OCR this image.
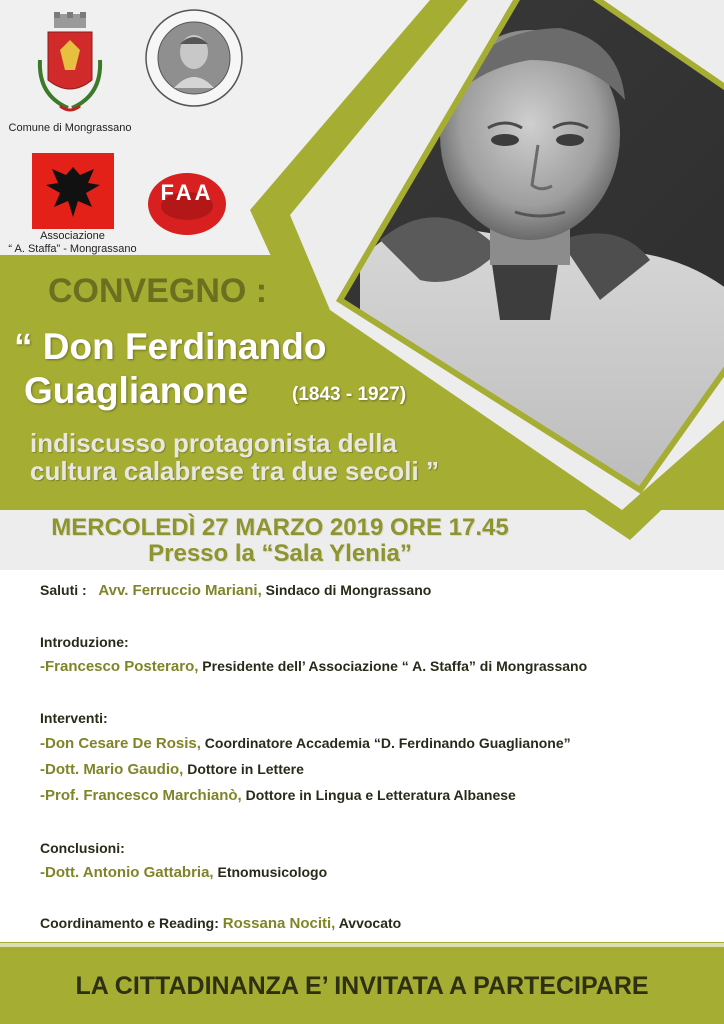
Comune di Mongrassano
Associazione
“ A. Staffa” - Mongrassano
FAA
CONVEGNO :
“ Don Ferdinando
Guaglianone (1843 - 1927)
indiscusso protagonista della
cultura calabrese tra due secoli ”
MERCOLEDÌ 27 MARZO 2019 ORE 17.45
Presso la “Sala Ylenia”
Saluti : Avv. Ferruccio Mariani, Sindaco di Mongrassano
Introduzione:
-Francesco Posteraro, Presidente dell’ Associazione “ A. Staffa” di Mongrassano
Interventi:
-Don Cesare De Rosis, Coordinatore Accademia “D. Ferdinando Guaglianone”
-Dott. Mario Gaudio, Dottore in Lettere
-Prof. Francesco Marchianò, Dottore in Lingua e Letteratura Albanese
Conclusioni:
-Dott. Antonio Gattabria, Etnomusicologo
Coordinamento e Reading: Rossana Nociti, Avvocato
LA CITTADINANZA E’ INVITATA A PARTECIPARE
